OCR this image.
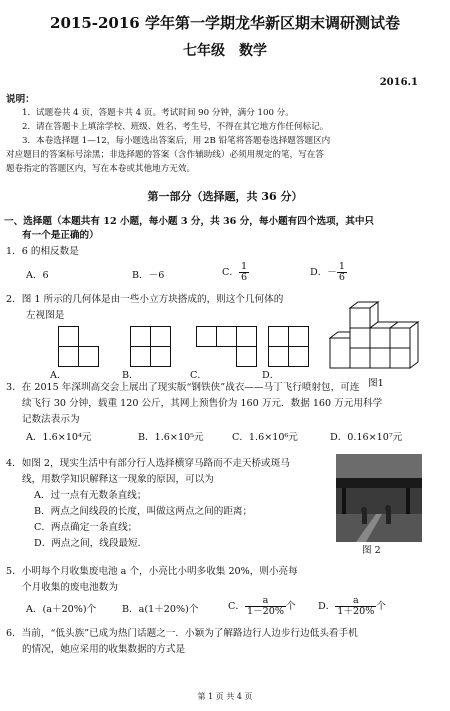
2015-2016 学年第一学期龙华新区期末调研测试卷
七年级　数学
2016.1
说明：
1．试题卷共 4 页，答题卡共 4 页。考试时间 90 分钟，满分 100 分。
2．请在答题卡上填涂学校、班级、姓名、考生号，不得在其它地方作任何标记。
3．本卷选择题 1—12，每小题选出答案后，用 2B 铅笔将答题卷选择题答题区内
对应题目的答案标号涂黑；非选择题的答案（含作辅助线）必须用规定的笔，写在答
题卷指定的答题区内，写在本卷或其他地方无效。
第一部分（选择题，共 36 分）
一、选择题（本题共有 12 小题，每小题 3 分，共 36 分，每小题有四个选项，其中只
有一个是正确的）
1．6 的相反数是
A．6	B．－6	C． $\frac{1}{6}$	D．－ $\frac{1}{6}$
2．图 1 所示的几何体是由一些小立方块搭成的，则这个几何体的
左视图是
A．	B．	C．	D．
图1
3．在 2015 年深圳高交会上展出了现实版“钢铁侠”战衣——马丁飞行喷射包，可连
续飞行 30 分钟，载重 120 公斤，其网上预售价为 160 万元．数据 160 万元用科学
记数法表示为
A．1.6×10⁴元	B．1.6×10⁵元	C．1.6×10⁶元	D．0.16×10⁷元
4．如图 2，现实生活中有部分行人选择横穿马路而不走天桥或斑马
线，用数学知识解释这一现象的原因，可以为
A．过一点有无数条直线；
B．两点之间线段的长度，叫做这两点之间的距离；
C．两点确定一条直线；
D．两点之间，线段最短．
图 2
5．小明每个月收集废电池 a 个，小亮比小明多收集 20%，则小亮每
个月收集的废电池数为
A．(a＋20%)个	B．a(1＋20%)个	C． $\frac{a}{1-20\%}$ 个 D． $\frac{a}{1+20\%}$ 个
6．当前，“低头族”已成为热门话题之一．小颖为了解路边行人边步行边低头看手机
的情况，她应采用的收集数据的方式是
第 1 页 共 4 页
